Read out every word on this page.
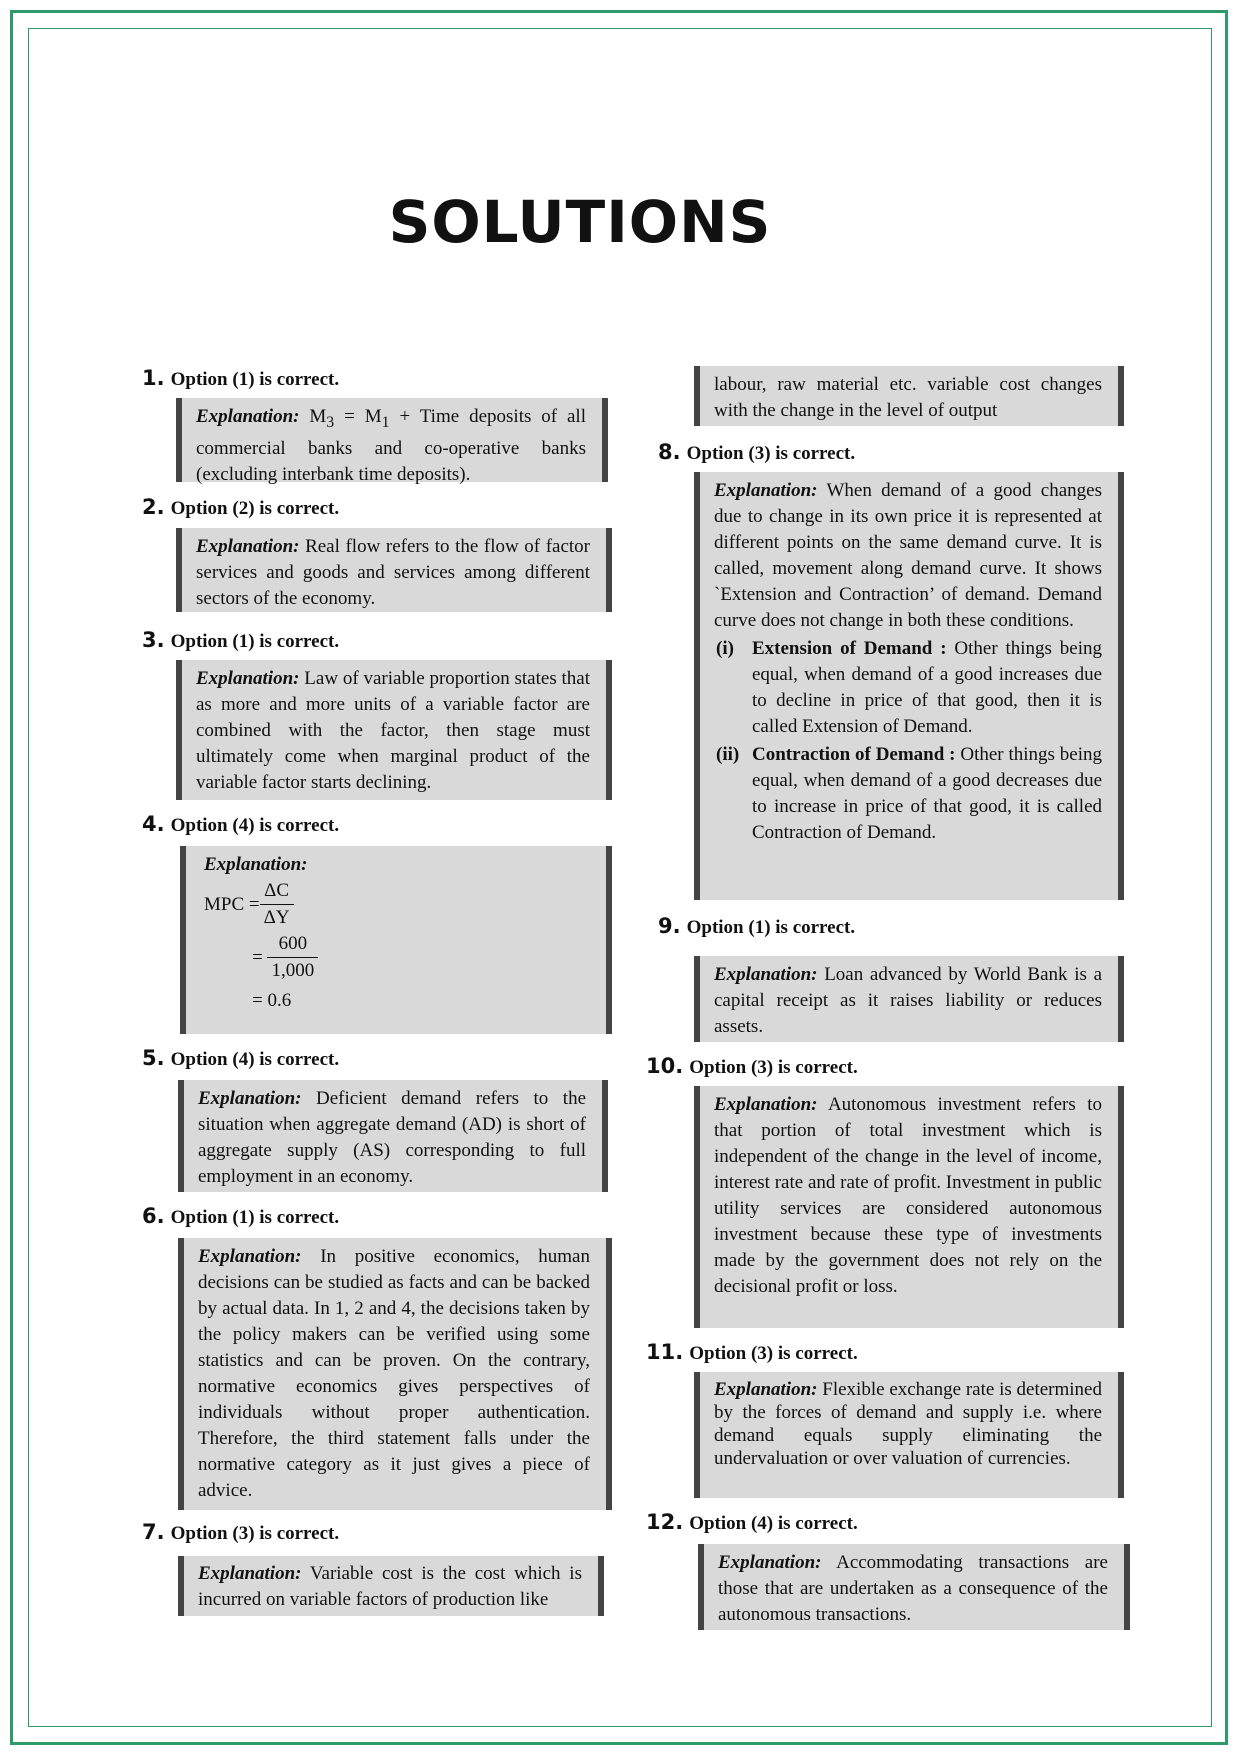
SOLUTIONS
1. Option (1) is correct.
Explanation: $M_3 = M_1$ + Time deposits of all commercial banks and co-operative banks (excluding interbank time deposits).
2. Option (2) is correct.
Explanation: Real flow refers to the flow of factor services and goods and services among different sectors of the economy.
3. Option (1) is correct.
Explanation: Law of variable proportion states that as more and more units of a variable factor are combined with the factor, then stage must ultimately come when marginal product of the variable factor starts declining.
4. Option (4) is correct.
Explanation:
MPC = $\frac{\Delta C}{\Delta Y}$
=
$\frac{600}{1,000}$
= 0.6
5. Option (4) is correct.
Explanation: Deficient demand refers to the situation when aggregate demand (AD) is short of aggregate supply (AS) corresponding to full employment in an economy.
6. Option (1) is correct.
Explanation: In positive economics, human decisions can be studied as facts and can be backed by actual data. In 1, 2 and 4, the decisions taken by the policy makers can be verified using some statistics and can be proven. On the contrary, normative economics gives perspectives of individuals without proper authentication. Therefore, the third statement falls under the normative category as it just gives a piece of advice.
7. Option (3) is correct.
Explanation: Variable cost is the cost which is incurred on variable factors of production like
labour, raw material etc. variable cost changes with the change in the level of output
8. Option (3) is correct.
Explanation: When demand of a good changes due to change in its own price it is represented at different points on the same demand curve. It is called, movement along demand curve. It shows `Extension and Contraction’ of demand. Demand curve does not change in both these conditions.
(i) Extension of Demand : Other things being equal, when demand of a good increases due to decline in price of that good, then it is called Extension of Demand.
(ii) Contraction of Demand : Other things being equal, when demand of a good decreases due to increase in price of that good, it is called Contraction of Demand.
9. Option (1) is correct.
Explanation: Loan advanced by World Bank is a capital receipt as it raises liability or reduces assets.
10. Option (3) is correct.
Explanation: Autonomous investment refers to that portion of total investment which is independent of the change in the level of income, interest rate and rate of profit. Investment in public utility services are considered autonomous investment because these type of investments made by the government does not rely on the decisional profit or loss.
11. Option (3) is correct.
Explanation: Flexible exchange rate is determined by the forces of demand and supply i.e. where demand equals supply eliminating the undervaluation or over valuation of currencies.
12. Option (4) is correct.
Explanation: Accommodating transactions are those that are undertaken as a consequence of the autonomous transactions.
